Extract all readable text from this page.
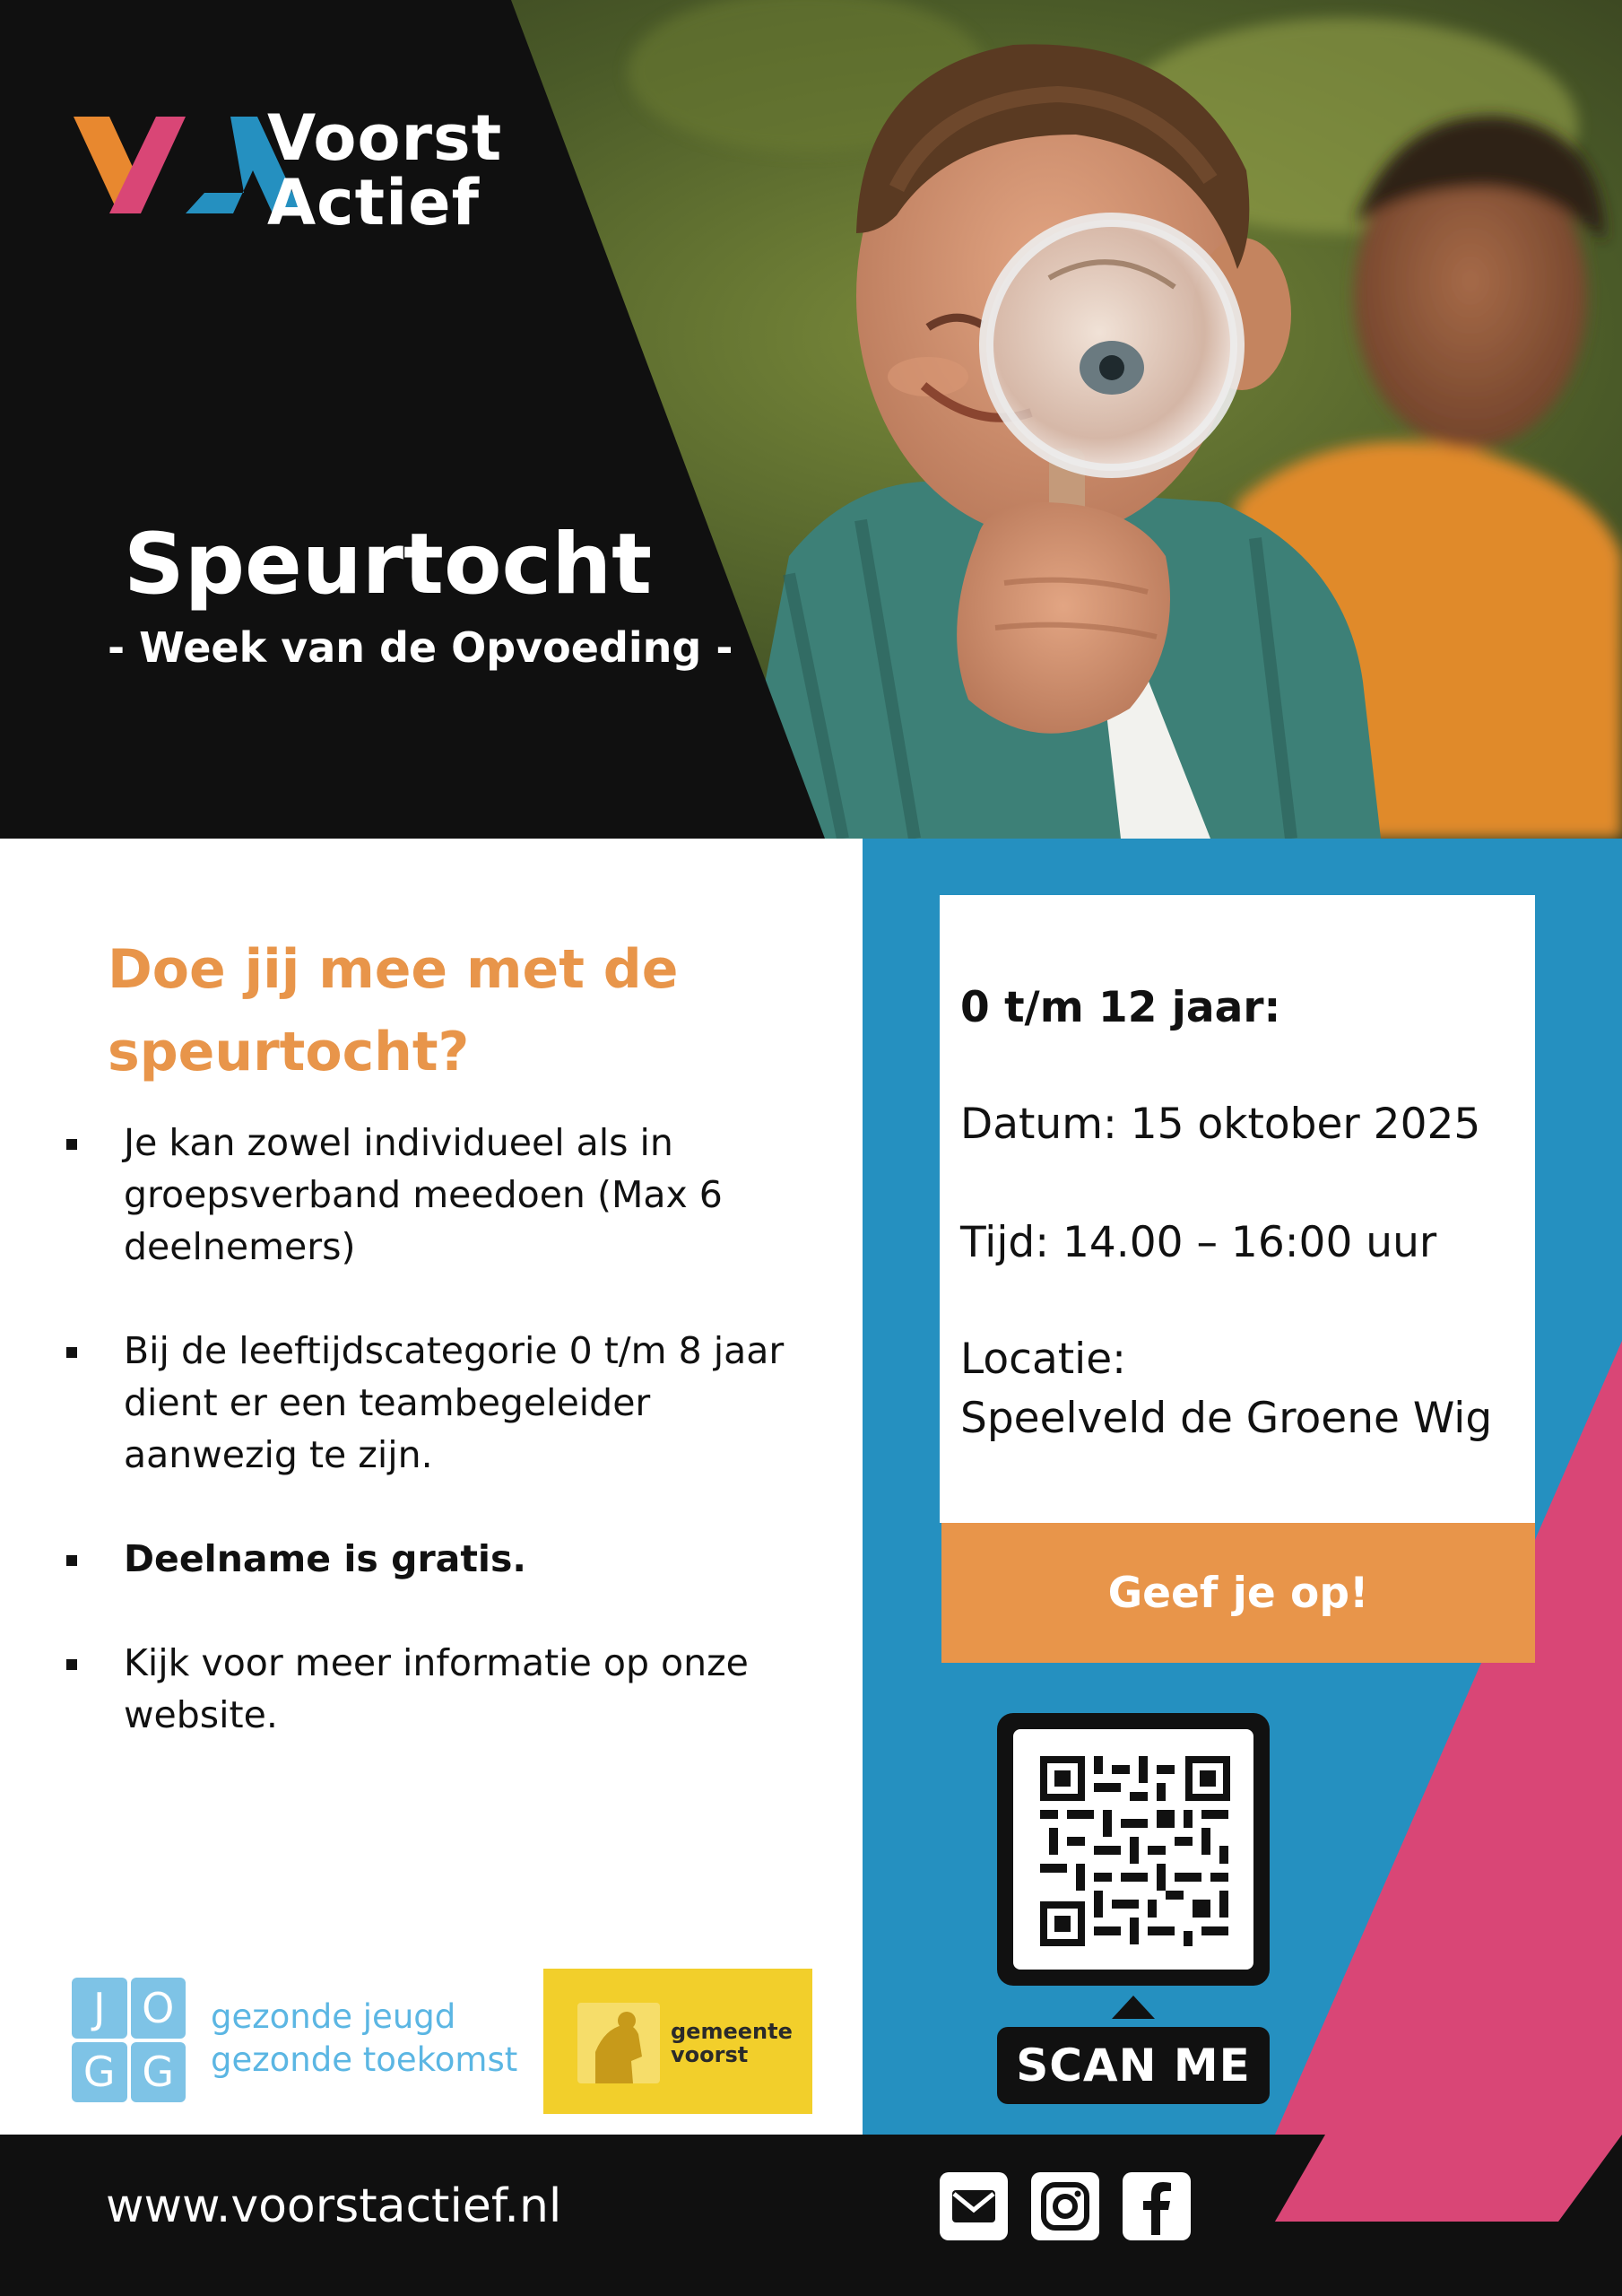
Voorst
Actief
Speurtocht
- Week van de Opvoeding -
Doe jij mee met de speurtocht?
Je kan zowel individueel als in groepsverband meedoen (Max 6 deelnemers)
Bij de leeftijdscategorie 0 t/m 8 jaar dient er een teambegeleider aanwezig te zijn.
Deelname is gratis.
Kijk voor meer informatie op onze website.
J O
G G
gezonde jeugd
gezonde toekomst
gemeente
voorst
0 t/m 12 jaar:
Datum: 15 oktober 2025
Tijd: 14.00 – 16:00 uur
Locatie:
Speelveld de Groene Wig
Geef je op!
SCAN ME
www.voorstactief.nl
